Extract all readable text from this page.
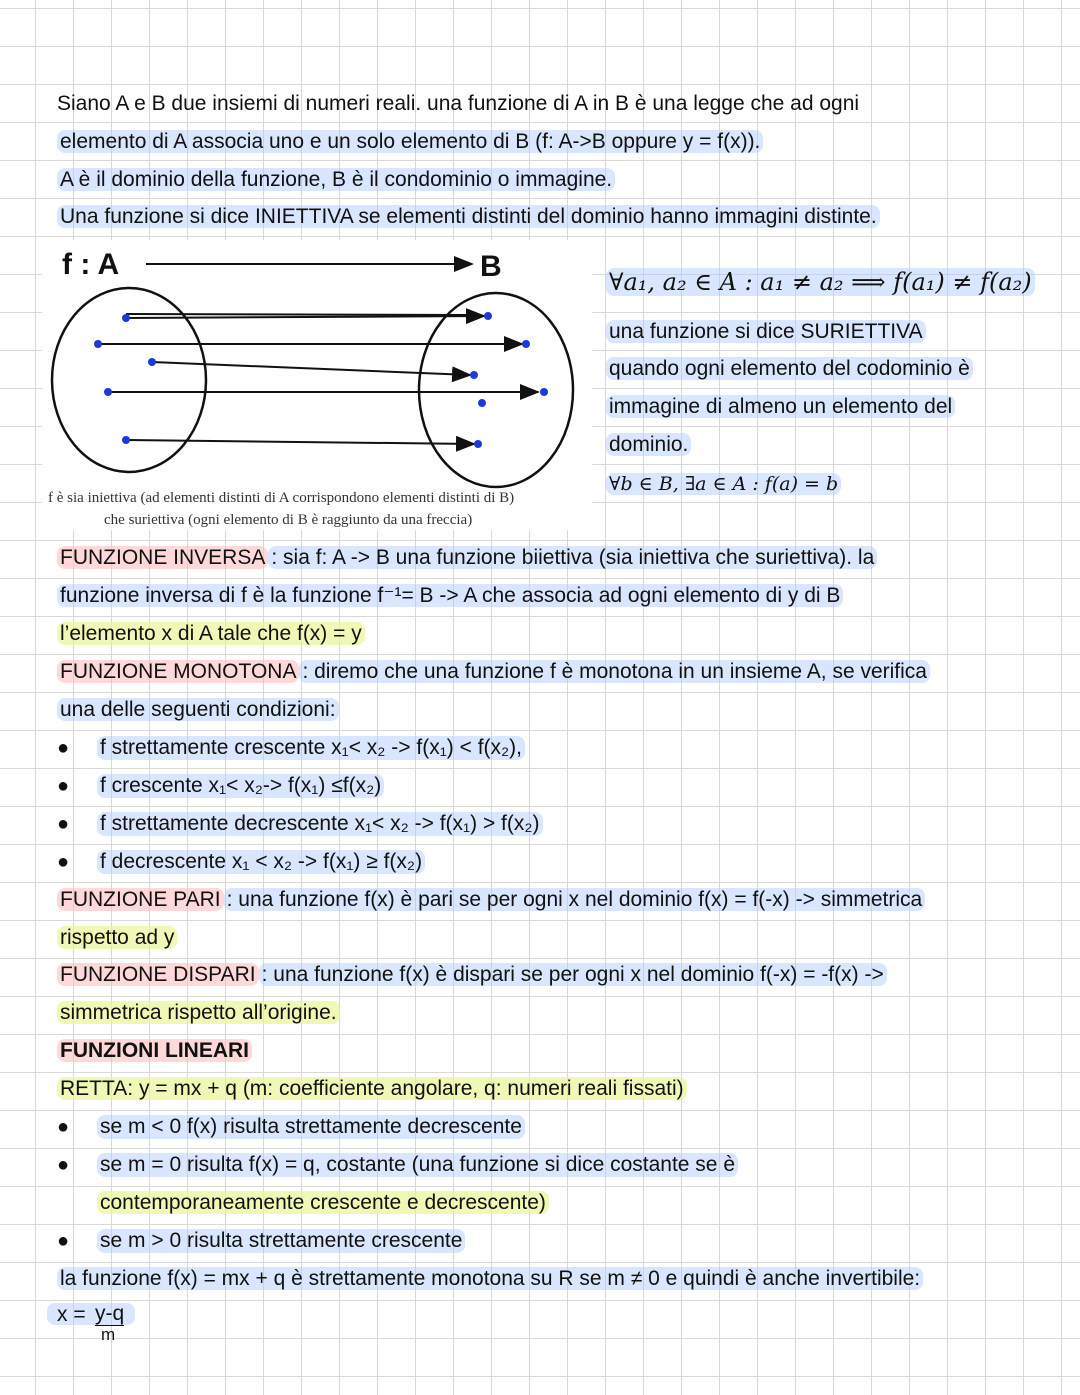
Siano A e B due insiemi di numeri reali. una funzione di A in B è una legge che ad ogni
elemento di A associa uno e un solo elemento di B (f: A->B oppure y = f(x)).
A è il dominio della funzione, B è il condominio o immagine.
Una funzione si dice INIETTIVA se elementi distinti del dominio hanno immagini distinte.
f : A	B
f è sia iniettiva (ad elementi distinti di A corrispondono elementi distinti di B)
che suriettiva (ogni elemento di B è raggiunto da una freccia)
∀a₁, a₂ ∈ A : a₁ ≠ a₂ ⟹ f(a₁) ≠ f(a₂)
una funzione si dice SURIETTIVA
quando ogni elemento del codominio è
immagine di almeno un elemento del
dominio.
∀b ∈ B, ∃a ∈ A : f(a) = b
FUNZIONE INVERSA : sia f: A -> B una funzione biiettiva (sia iniettiva che suriettiva). la
funzione inversa di f è la funzione f⁻¹= B -> A che associa ad ogni elemento di y di B
l’elemento x di A tale che f(x) = y
FUNZIONE MONOTONA : diremo che una funzione f è monotona in un insieme A, se verifica
una delle seguenti condizioni:
● f strettamente crescente x₁< x₂ -> f(x₁) < f(x₂),
● f crescente x₁< x₂-> f(x₁) ≤f(x₂)
● f strettamente decrescente x₁< x₂ -> f(x₁) > f(x₂)
● f decrescente x₁ < x₂ -> f(x₁) ≥ f(x₂)
FUNZIONE PARI : una funzione f(x) è pari se per ogni x nel dominio f(x) = f(-x) -> simmetrica
rispetto ad y
FUNZIONE DISPARI : una funzione f(x) è dispari se per ogni x nel dominio f(-x) = -f(x) ->
simmetrica rispetto all’origine.
FUNZIONI LINEARI
RETTA: y = mx + q (m: coefficiente angolare, q: numeri reali fissati)
● se m < 0 f(x) risulta strettamente decrescente
● se m = 0 risulta f(x) = q, costante (una funzione si dice costante se è
contemporaneamente crescente e decrescente)
● se m > 0 risulta strettamente crescente
la funzione f(x) = mx + q è strettamente monotona su R se m ≠ 0 e quindi è anche invertibile:
x = y-q
m
